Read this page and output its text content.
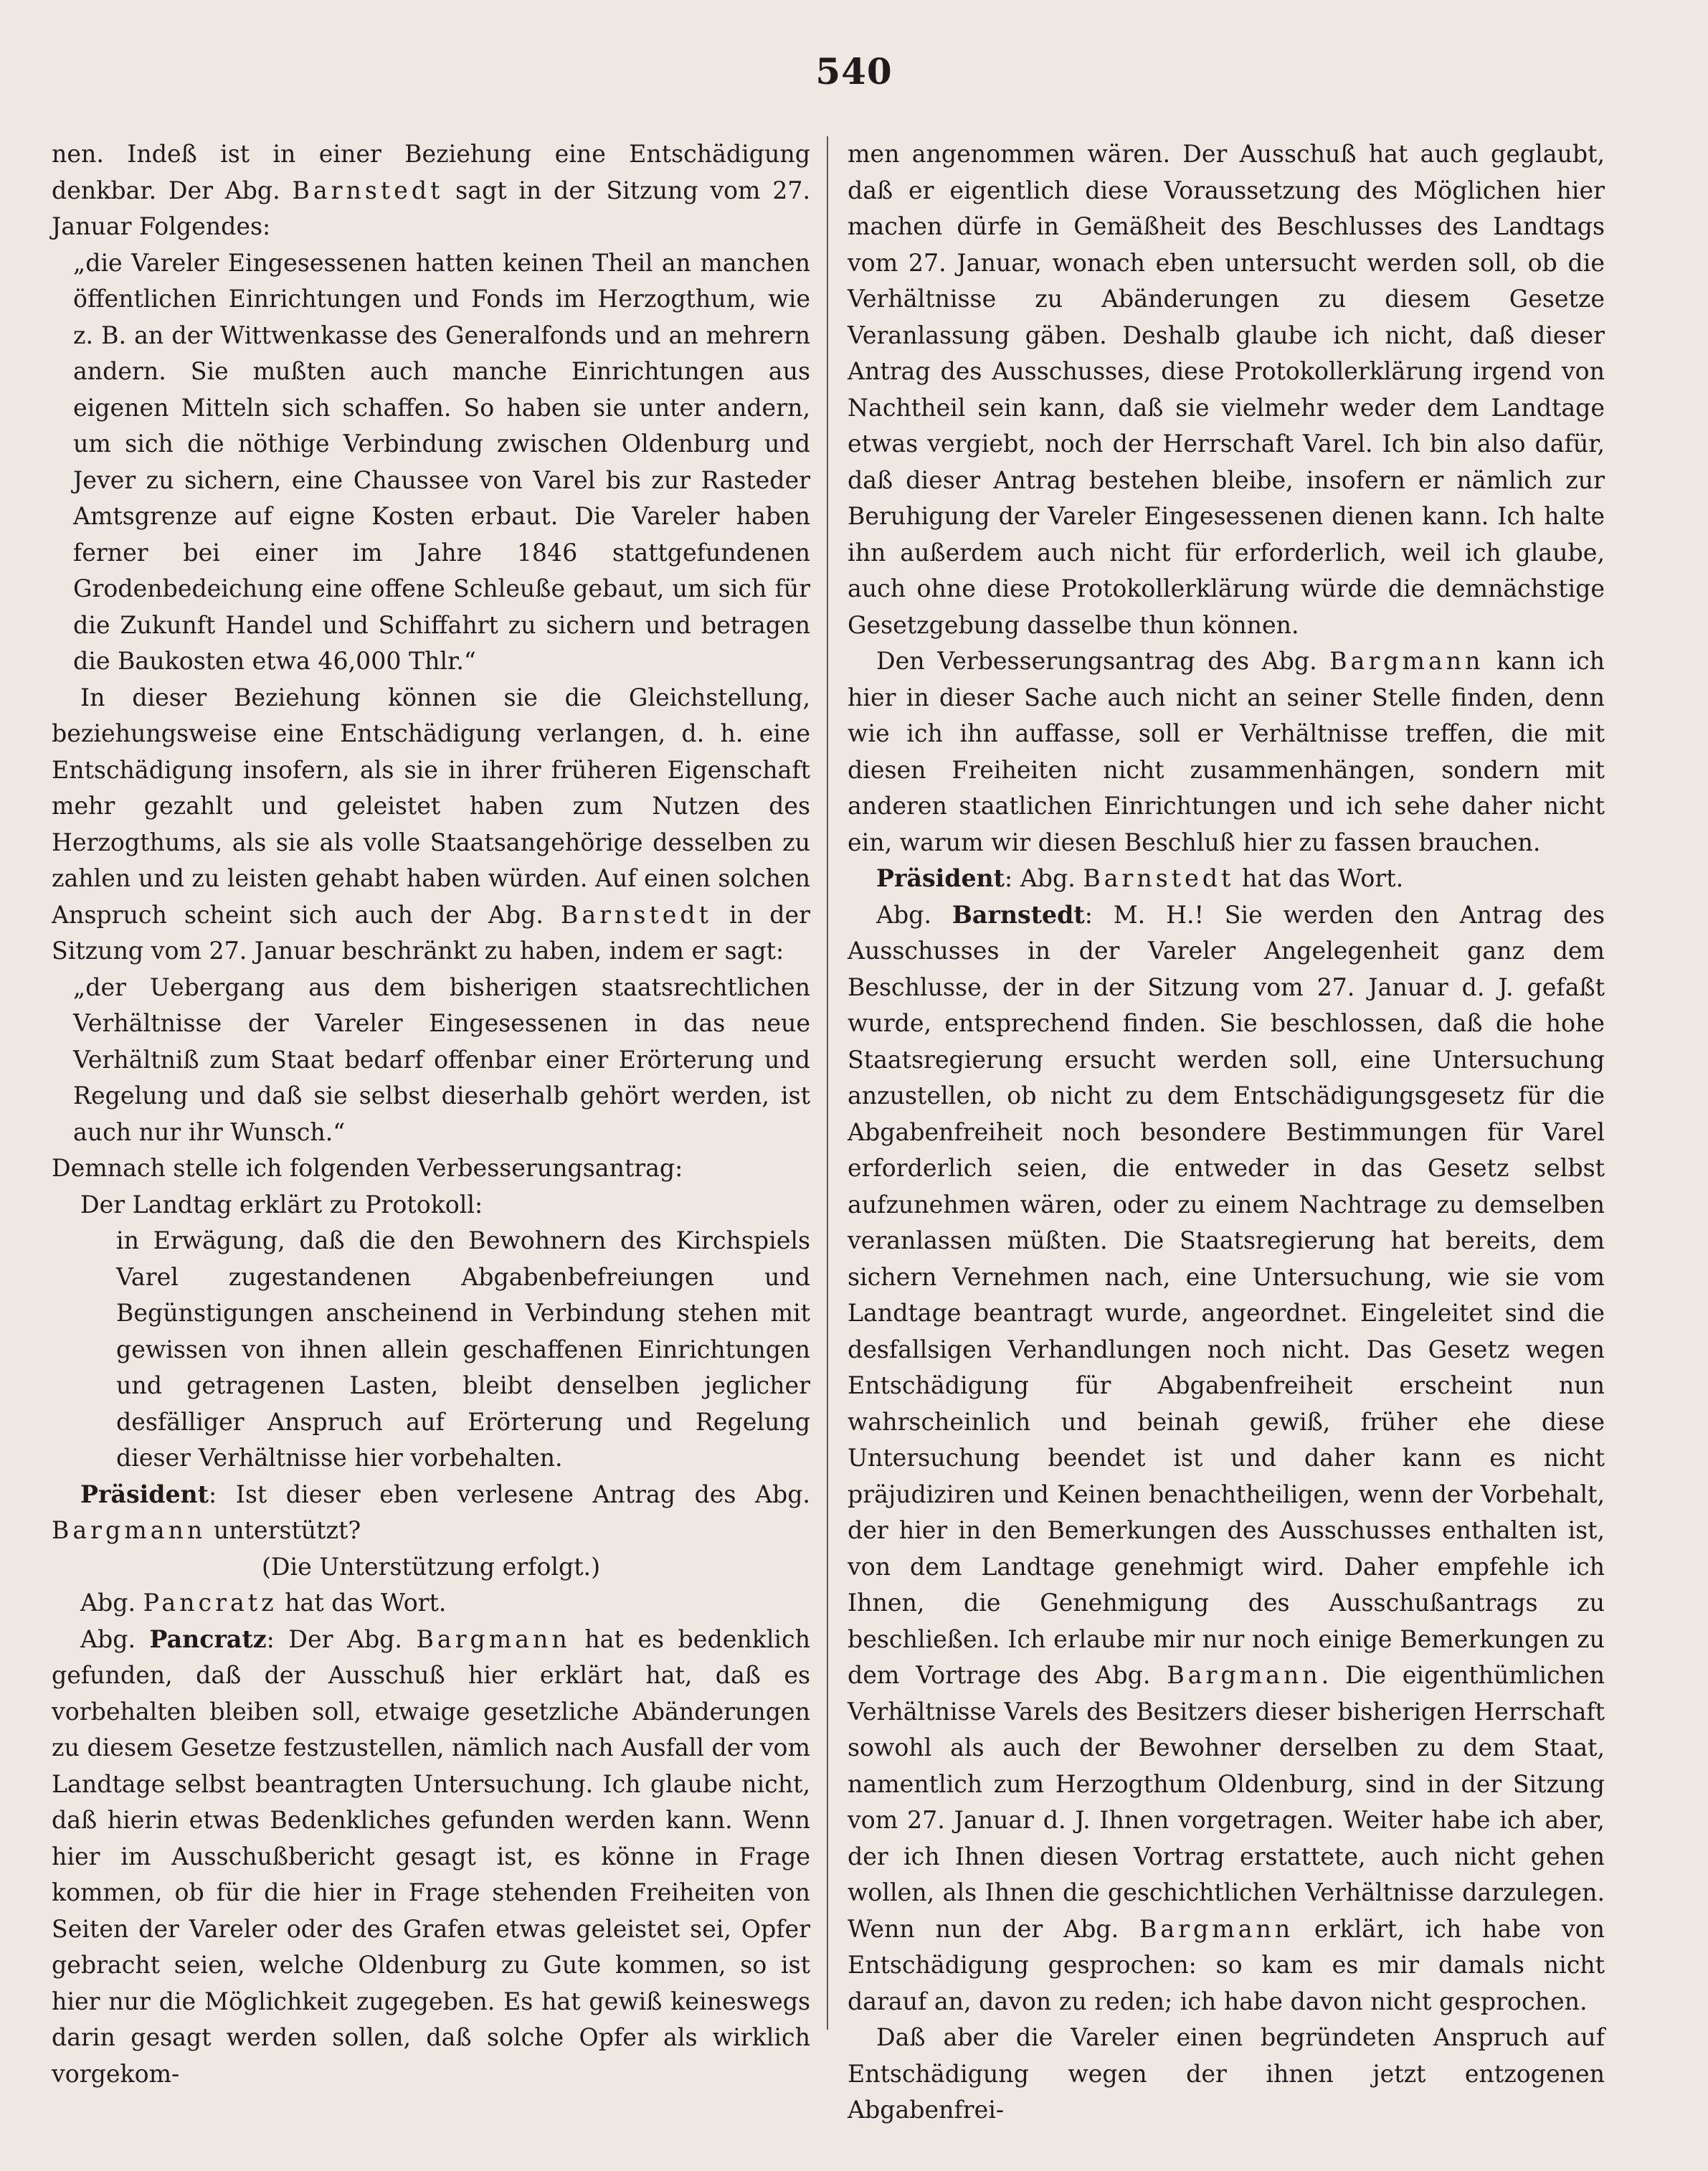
540

nen. Indeß ist in einer Beziehung eine Entschädigung denkbar. Der Abg. Barnstedt sagt in der Sitzung vom 27. Januar Folgendes:

„die Vareler Eingesessenen hatten keinen Theil an manchen öffentlichen Einrichtungen und Fonds im Herzogthum, wie z. B. an der Wittwenkasse des Generalfonds und an mehrern andern. Sie mußten auch manche Einrichtungen aus eigenen Mitteln sich schaffen. So haben sie unter andern, um sich die nöthige Verbindung zwischen Oldenburg und Jever zu sichern, eine Chaussee von Varel bis zur Rasteder Amtsgrenze auf eigne Kosten erbaut. Die Vareler haben ferner bei einer im Jahre 1846 stattgefundenen Grodenbedeichung eine offene Schleuße gebaut, um sich für die Zukunft Handel und Schiffahrt zu sichern und betragen die Baukosten etwa 46,000 Thlr.“

In dieser Beziehung können sie die Gleichstellung, beziehungsweise eine Entschädigung verlangen, d. h. eine Entschädigung insofern, als sie in ihrer früheren Eigenschaft mehr gezahlt und geleistet haben zum Nutzen des Herzogthums, als sie als volle Staatsangehörige desselben zu zahlen und zu leisten gehabt haben würden. Auf einen solchen Anspruch scheint sich auch der Abg. Barnstedt in der Sitzung vom 27. Januar beschränkt zu haben, indem er sagt:

„der Uebergang aus dem bisherigen staatsrechtlichen Verhältnisse der Vareler Eingesessenen in das neue Verhältniß zum Staat bedarf offenbar einer Erörterung und Regelung und daß sie selbst dieserhalb gehört werden, ist auch nur ihr Wunsch.“

Demnach stelle ich folgenden Verbesserungsantrag:

Der Landtag erklärt zu Protokoll:

in Erwägung, daß die den Bewohnern des Kirchspiels Varel zugestandenen Abgabenbefreiungen und Begünstigungen anscheinend in Verbindung stehen mit gewissen von ihnen allein geschaffenen Einrichtungen und getragenen Lasten, bleibt denselben jeglicher desfälliger Anspruch auf Erörterung und Regelung dieser Verhältnisse hier vorbehalten.

Präsident: Ist dieser eben verlesene Antrag des Abg. Bargmann unterstützt?

(Die Unterstützung erfolgt.)

Abg. Pancratz hat das Wort.

Abg. Pancratz: Der Abg. Bargmann hat es bedenklich gefunden, daß der Ausschuß hier erklärt hat, daß es vorbehalten bleiben soll, etwaige gesetzliche Abänderungen zu diesem Gesetze festzustellen, nämlich nach Ausfall der vom Landtage selbst beantragten Untersuchung. Ich glaube nicht, daß hierin etwas Bedenkliches gefunden werden kann. Wenn hier im Ausschußbericht gesagt ist, es könne in Frage kommen, ob für die hier in Frage stehenden Freiheiten von Seiten der Vareler oder des Grafen etwas geleistet sei, Opfer gebracht seien, welche Oldenburg zu Gute kommen, so ist hier nur die Möglichkeit zugegeben. Es hat gewiß keineswegs darin gesagt werden sollen, daß solche Opfer als wirklich vorgekom-

men angenommen wären. Der Ausschuß hat auch geglaubt, daß er eigentlich diese Voraussetzung des Möglichen hier machen dürfe in Gemäßheit des Beschlusses des Landtags vom 27. Januar, wonach eben untersucht werden soll, ob die Verhältnisse zu Abänderungen zu diesem Gesetze Veranlassung gäben. Deshalb glaube ich nicht, daß dieser Antrag des Ausschusses, diese Protokollerklärung irgend von Nachtheil sein kann, daß sie vielmehr weder dem Landtage etwas vergiebt, noch der Herrschaft Varel. Ich bin also dafür, daß dieser Antrag bestehen bleibe, insofern er nämlich zur Beruhigung der Vareler Eingesessenen dienen kann. Ich halte ihn außerdem auch nicht für erforderlich, weil ich glaube, auch ohne diese Protokollerklärung würde die demnächstige Gesetzgebung dasselbe thun können.

Den Verbesserungsantrag des Abg. Bargmann kann ich hier in dieser Sache auch nicht an seiner Stelle finden, denn wie ich ihn auffasse, soll er Verhältnisse treffen, die mit diesen Freiheiten nicht zusammenhängen, sondern mit anderen staatlichen Einrichtungen und ich sehe daher nicht ein, warum wir diesen Beschluß hier zu fassen brauchen.

Präsident: Abg. Barnstedt hat das Wort.

Abg. Barnstedt: M. H.! Sie werden den Antrag des Ausschusses in der Vareler Angelegenheit ganz dem Beschlusse, der in der Sitzung vom 27. Januar d. J. gefaßt wurde, entsprechend finden. Sie beschlossen, daß die hohe Staatsregierung ersucht werden soll, eine Untersuchung anzustellen, ob nicht zu dem Entschädigungsgesetz für die Abgabenfreiheit noch besondere Bestimmungen für Varel erforderlich seien, die entweder in das Gesetz selbst aufzunehmen wären, oder zu einem Nachtrage zu demselben veranlassen müßten. Die Staatsregierung hat bereits, dem sichern Vernehmen nach, eine Untersuchung, wie sie vom Landtage beantragt wurde, angeordnet. Eingeleitet sind die desfallsigen Verhandlungen noch nicht. Das Gesetz wegen Entschädigung für Abgabenfreiheit erscheint nun wahrscheinlich und beinah gewiß, früher ehe diese Untersuchung beendet ist und daher kann es nicht präjudiziren und Keinen benachtheiligen, wenn der Vorbehalt, der hier in den Bemerkungen des Ausschusses enthalten ist, von dem Landtage genehmigt wird. Daher empfehle ich Ihnen, die Genehmigung des Ausschußantrags zu beschließen. Ich erlaube mir nur noch einige Bemerkungen zu dem Vortrage des Abg. Bargmann. Die eigenthümlichen Verhältnisse Varels des Besitzers dieser bisherigen Herrschaft sowohl als auch der Bewohner derselben zu dem Staat, namentlich zum Herzogthum Oldenburg, sind in der Sitzung vom 27. Januar d. J. Ihnen vorgetragen. Weiter habe ich aber, der ich Ihnen diesen Vortrag erstattete, auch nicht gehen wollen, als Ihnen die geschichtlichen Verhältnisse darzulegen. Wenn nun der Abg. Bargmann erklärt, ich habe von Entschädigung gesprochen: so kam es mir damals nicht darauf an, davon zu reden; ich habe davon nicht gesprochen.

Daß aber die Vareler einen begründeten Anspruch auf Entschädigung wegen der ihnen jetzt entzogenen Abgabenfrei-
